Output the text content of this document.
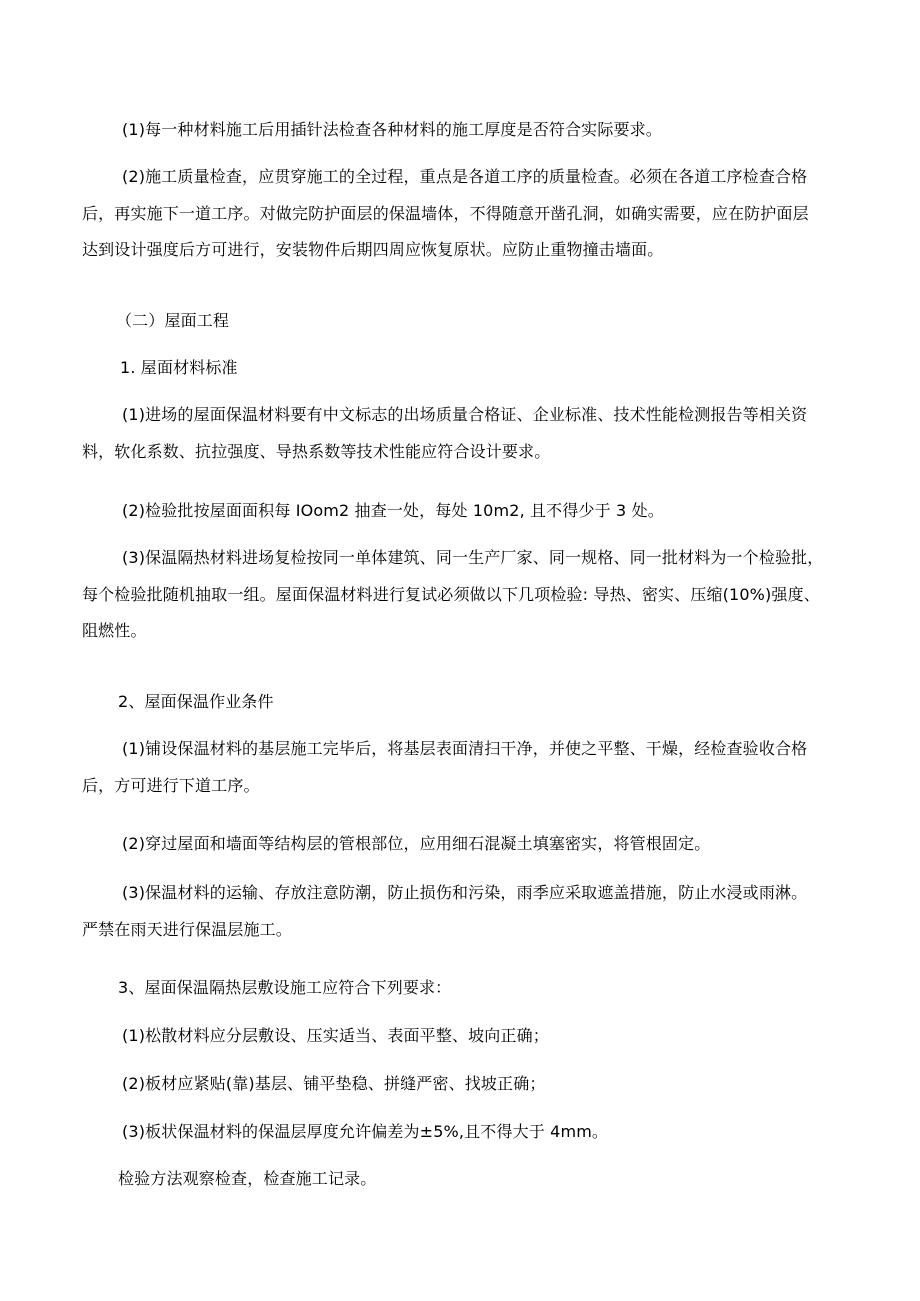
(1)每一种材料施工后用插针法检查各种材料的施工厚度是否符合实际要求。

(2)施工质量检查，应贯穿施工的全过程，重点是各道工序的质量检查。必须在各道工序检查合格
后，再实施下一道工序。对做完防护面层的保温墙体，不得随意开凿孔洞，如确实需要，应在防护面层
达到设计强度后方可进行，安装物件后期四周应恢复原状。应防止重物撞击墙面。

（二）屋面工程

1. 屋面材料标准

(1)进场的屋面保温材料要有中文标志的出场质量合格证、企业标准、技术性能检测报告等相关资
料，软化系数、抗拉强度、导热系数等技术性能应符合设计要求。

(2)检验批按屋面面积每 IOom2 抽查一处，每处 10m2, 且不得少于 3 处。

(3)保温隔热材料进场复检按同一单体建筑、同一生产厂家、同一规格、同一批材料为一个检验批，
每个检验批随机抽取一组。屋面保温材料进行复试必须做以下几项检验: 导热、密实、压缩(10%)强度、
阻燃性。

2、屋面保温作业条件

(1)铺设保温材料的基层施工完毕后，将基层表面清扫干净，并使之平整、干燥，经检查验收合格
后，方可进行下道工序。

(2)穿过屋面和墙面等结构层的管根部位，应用细石混凝土填塞密实，将管根固定。

(3)保温材料的运输、存放注意防潮，防止损伤和污染，雨季应采取遮盖措施，防止水浸或雨淋。
严禁在雨天进行保温层施工。

3、屋面保温隔热层敷设施工应符合下列要求：

(1)松散材料应分层敷设、压实适当、表面平整、坡向正确；

(2)板材应紧贴(靠)基层、铺平垫稳、拼缝严密、找坡正确；

(3)板状保温材料的保温层厚度允许偏差为±5%,且不得大于 4mm。

检验方法观察检查，检查施工记录。
